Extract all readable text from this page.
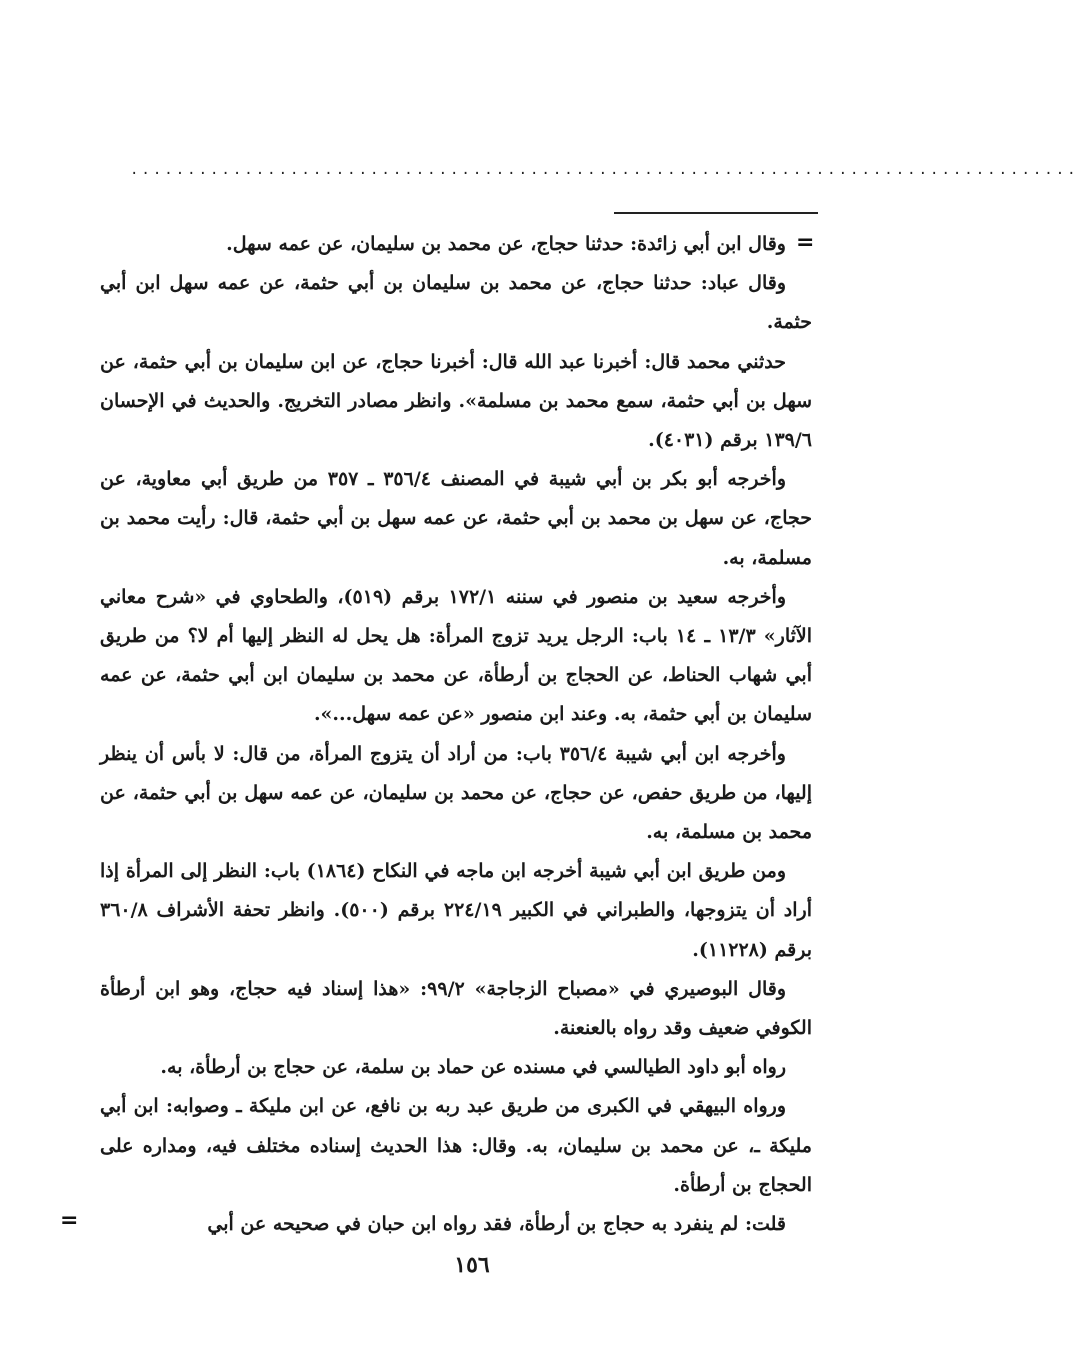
...................................................................................
=

وقال ابن أبي زائدة: حدثنا حجاج، عن محمد بن سليمان، عن عمه سهل.

وقال عباد: حدثنا حجاج، عن محمد بن سليمان بن أبي حثمة، عن عمه سهل ابن أبي حثمة.

حدثني محمد قال: أخبرنا عبد الله قال: أخبرنا حجاج، عن ابن سليمان بن أبي حثمة، عن سهل بن أبي حثمة، سمع محمد بن مسلمة». وانظر مصادر التخريج. والحديث في الإحسان ١٣٩/٦ برقم (٤٠٣١).

وأخرجه أبو بكر بن أبي شيبة في المصنف ٣٥٦/٤ ـ ٣٥٧ من طريق أبي معاوية، عن حجاج، عن سهل بن محمد بن أبي حثمة، عن عمه سهل بن أبي حثمة، قال: رأيت محمد بن مسلمة، به.

وأخرجه سعيد بن منصور في سننه ١٧٢/١ برقم (٥١٩)، والطحاوي في «شرح معاني الآثار» ١٣/٣ ـ ١٤ باب: الرجل يريد تزوج المرأة: هل يحل له النظر إليها أم لا؟ من طريق أبي شهاب الحناط، عن الحجاج بن أرطأة، عن محمد بن سليمان ابن أبي حثمة، عن عمه سليمان بن أبي حثمة، به. وعند ابن منصور «عن عمه سهل...».

وأخرجه ابن أبي شيبة ٣٥٦/٤ باب: من أراد أن يتزوج المرأة، من قال: لا بأس أن ينظر إليها، من طريق حفص، عن حجاج، عن محمد بن سليمان، عن عمه سهل بن أبي حثمة، عن محمد بن مسلمة، به.

ومن طريق ابن أبي شيبة أخرجه ابن ماجه في النكاح (١٨٦٤) باب: النظر إلى المرأة إذا أراد أن يتزوجها، والطبراني في الكبير ٢٢٤/١٩ برقم (٥٠٠). وانظر تحفة الأشراف ٣٦٠/٨ برقم (١١٢٢٨).

وقال البوصيري في «مصباح الزجاجة» ٩٩/٢: «هذا إسناد فيه حجاج، وهو ابن أرطأة الكوفي ضعيف وقد رواه بالعنعنة.

رواه أبو داود الطيالسي في مسنده عن حماد بن سلمة، عن حجاج بن أرطأة، به.

ورواه البيهقي في الكبرى من طريق عبد ربه بن نافع، عن ابن مليكة ـ وصوابه: ابن أبي مليكة ـ، عن محمد بن سليمان، به. وقال: هذا الحديث إسناده مختلف فيه، ومداره على الحجاج بن أرطأة.

قلت: لم ينفرد به حجاج بن أرطأة، فقد رواه ابن حبان في صحيحه عن أبي

=
١٥٦
